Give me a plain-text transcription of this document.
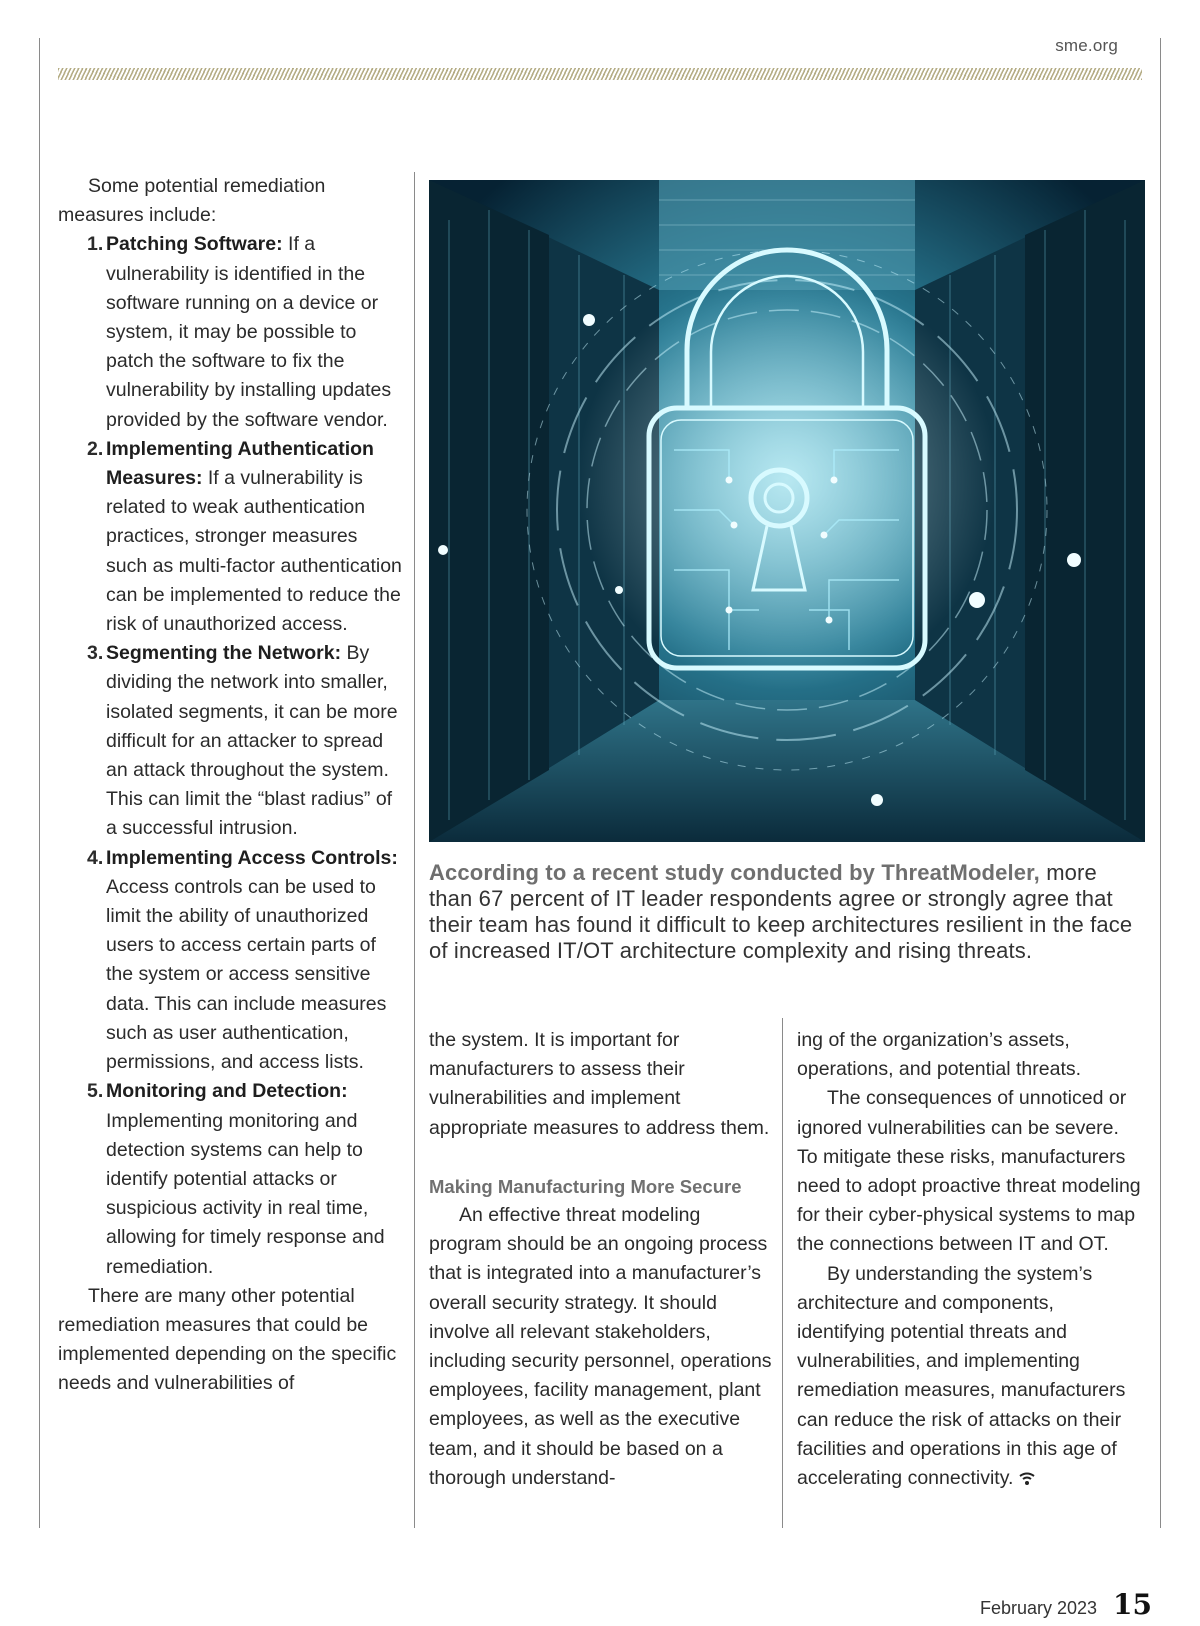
sme.org

Some potential remediation measures include:

1. Patching Software: If a vulnerability is identified in the software running on a device or system, it may be possible to patch the software to fix the vulnerability by installing updates provided by the software vendor.
2. Implementing Authentication Measures: If a vulnerability is related to weak authentication practices, stronger measures such as multi-factor authentication can be implemented to reduce the risk of unauthorized access.
3. Segmenting the Network: By dividing the network into smaller, isolated segments, it can be more difficult for an attacker to spread an attack throughout the system. This can limit the “blast radius” of a successful intrusion.
4. Implementing Access Controls: Access controls can be used to limit the ability of unauthorized users to access certain parts of the system or access sensitive data. This can include measures such as user authentication, permissions, and access lists.
5. Monitoring and Detection: Implementing monitoring and detection systems can help to identify potential attacks or suspicious activity in real time, allowing for timely response and remediation.

There are many other potential remediation measures that could be implemented depending on the specific needs and vulnerabilities of

According to a recent study conducted by ThreatModeler, more than 67 percent of IT leader respondents agree or strongly agree that their team has found it difficult to keep architectures resilient in the face of increased IT/OT architecture complexity and rising threats.

the system. It is important for manufacturers to assess their vulnerabilities and implement appropriate measures to address them.

Making Manufacturing More Secure

An effective threat modeling program should be an ongoing process that is integrated into a manufacturer’s overall security strategy. It should involve all relevant stakeholders, including security personnel, operations employees, facility management, plant employees, as well as the executive team, and it should be based on a thorough understand-

ing of the organization’s assets, operations, and potential threats.

The consequences of unnoticed or ignored vulnerabilities can be severe. To mitigate these risks, manufacturers need to adopt proactive threat modeling for their cyber-physical systems to map the connections between IT and OT.

By understanding the system’s architecture and components, identifying potential threats and vulnerabilities, and implementing remediation measures, manufacturers can reduce the risk of attacks on their facilities and operations in this age of accelerating connectivity.

February 2023 15
